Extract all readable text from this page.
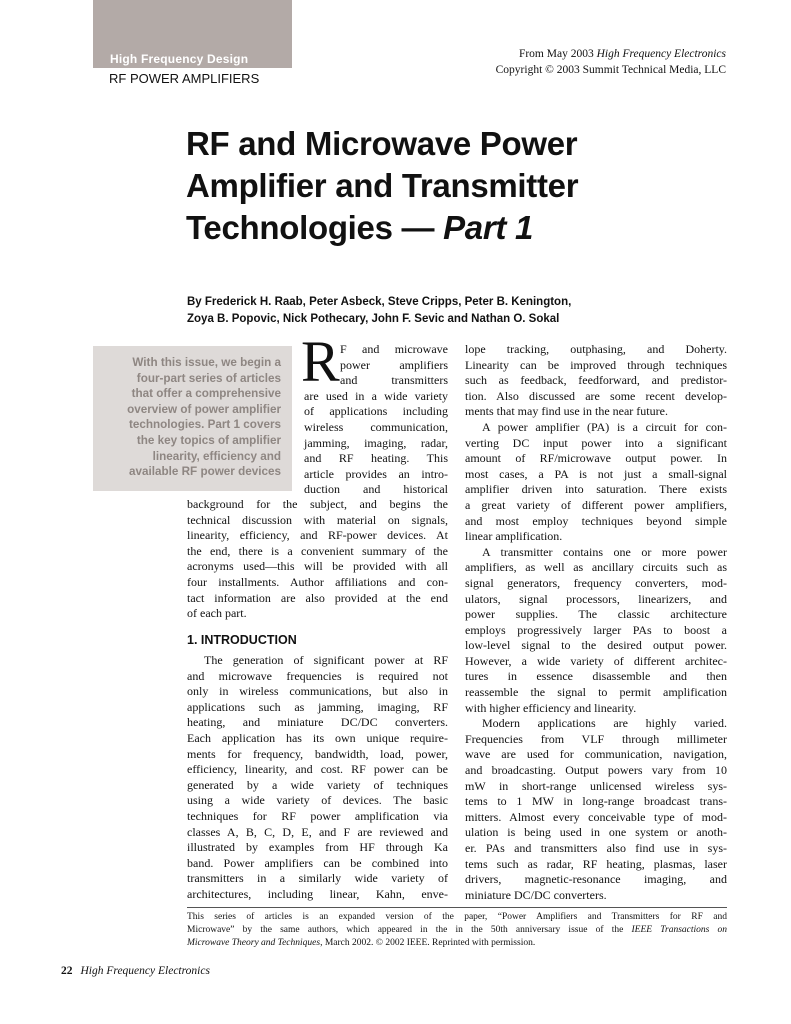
High Frequency Design
RF POWER AMPLIFIERS
From May 2003 High Frequency Electronics
Copyright © 2003 Summit Technical Media, LLC
RF and Microwave Power
Amplifier and Transmitter
Technologies — Part 1
By Frederick H. Raab, Peter Asbeck, Steve Cripps, Peter B. Kenington,
Zoya B. Popovic, Nick Pothecary, John F. Sevic and Nathan O. Sokal
With this issue, we begin a
four-part series of articles
that offer a comprehensive
overview of power amplifier
technologies. Part 1 covers
the key topics of amplifier
linearity, efficiency and
available RF power devices
R F and microwave
power amplifiers
and transmitters
are used in a wide variety
of applications including
wireless communication,
jamming, imaging, radar,
and RF heating. This
article provides an intro-
duction and historical
background for the subject, and begins the
technical discussion with material on signals,
linearity, efficiency, and RF-power devices. At
the end, there is a convenient summary of the
acronyms used—this will be provided with all
four installments. Author affiliations and con-
tact information are also provided at the end
of each part.
1. INTRODUCTION
The generation of significant power at RF
and microwave frequencies is required not
only in wireless communications, but also in
applications such as jamming, imaging, RF
heating, and miniature DC/DC converters.
Each application has its own unique require-
ments for frequency, bandwidth, load, power,
efficiency, linearity, and cost. RF power can be
generated by a wide variety of techniques
using a wide variety of devices. The basic
techniques for RF power amplification via
classes A, B, C, D, E, and F are reviewed and
illustrated by examples from HF through Ka
band. Power amplifiers can be combined into
transmitters in a similarly wide variety of
architectures, including linear, Kahn, enve-
lope tracking, outphasing, and Doherty.
Linearity can be improved through techniques
such as feedback, feedforward, and predistor-
tion. Also discussed are some recent develop-
ments that may find use in the near future.
A power amplifier (PA) is a circuit for con-
verting DC input power into a significant
amount of RF/microwave output power. In
most cases, a PA is not just a small-signal
amplifier driven into saturation. There exists
a great variety of different power amplifiers,
and most employ techniques beyond simple
linear amplification.
A transmitter contains one or more power
amplifiers, as well as ancillary circuits such as
signal generators, frequency converters, mod-
ulators, signal processors, linearizers, and
power supplies. The classic architecture
employs progressively larger PAs to boost a
low-level signal to the desired output power.
However, a wide variety of different architec-
tures in essence disassemble and then
reassemble the signal to permit amplification
with higher efficiency and linearity.
Modern applications are highly varied.
Frequencies from VLF through millimeter
wave are used for communication, navigation,
and broadcasting. Output powers vary from 10
mW in short-range unlicensed wireless sys-
tems to 1 MW in long-range broadcast trans-
mitters. Almost every conceivable type of mod-
ulation is being used in one system or anoth-
er. PAs and transmitters also find use in sys-
tems such as radar, RF heating, plasmas, laser
drivers, magnetic-resonance imaging, and
miniature DC/DC converters.
This series of articles is an expanded version of the paper, “Power Amplifiers and Transmitters for RF and
Microwave” by the same authors, which appeared in the in the 50th anniversary issue of the IEEE Transactions on
Microwave Theory and Techniques, March 2002. © 2002 IEEE. Reprinted with permission.
22 High Frequency Electronics
